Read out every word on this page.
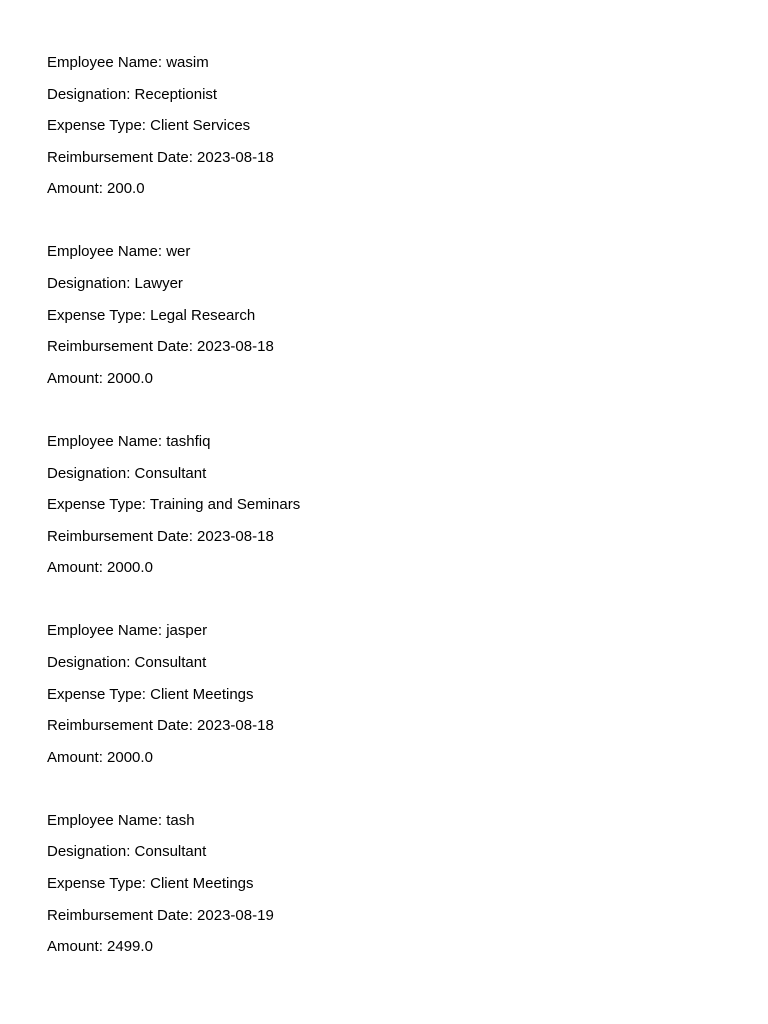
Employee Name: wasim
Designation: Receptionist
Expense Type: Client Services
Reimbursement Date: 2023-08-18
Amount: 200.0
Employee Name: wer
Designation: Lawyer
Expense Type: Legal Research
Reimbursement Date: 2023-08-18
Amount: 2000.0
Employee Name: tashfiq
Designation: Consultant
Expense Type: Training and Seminars
Reimbursement Date: 2023-08-18
Amount: 2000.0
Employee Name: jasper
Designation: Consultant
Expense Type: Client Meetings
Reimbursement Date: 2023-08-18
Amount: 2000.0
Employee Name: tash
Designation: Consultant
Expense Type: Client Meetings
Reimbursement Date: 2023-08-19
Amount: 2499.0
